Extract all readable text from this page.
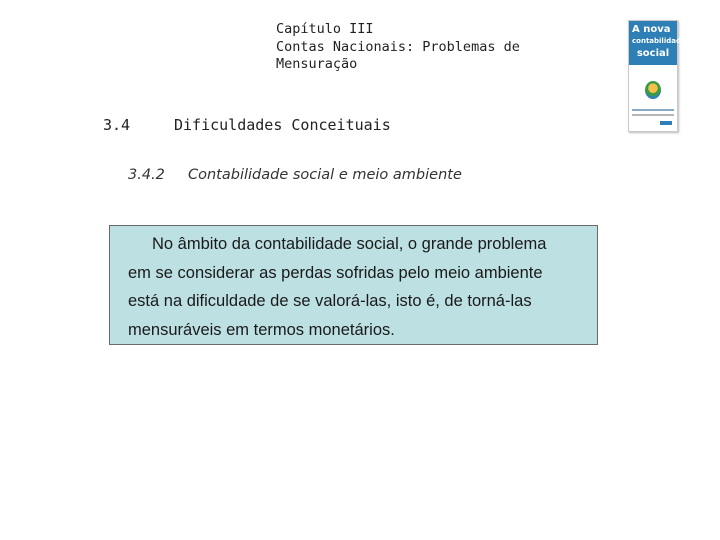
Capítulo III
Contas Nacionais: Problemas de
Mensuração
A nova
contabilidade
social
3.4	Dificuldades Conceituais
3.4.2 Contabilidade social e meio ambiente
No âmbito da contabilidade social, o grande problema
em se considerar as perdas sofridas pelo meio ambiente
está na dificuldade de se valorá-las, isto é, de torná-las
mensuráveis em termos monetários.
